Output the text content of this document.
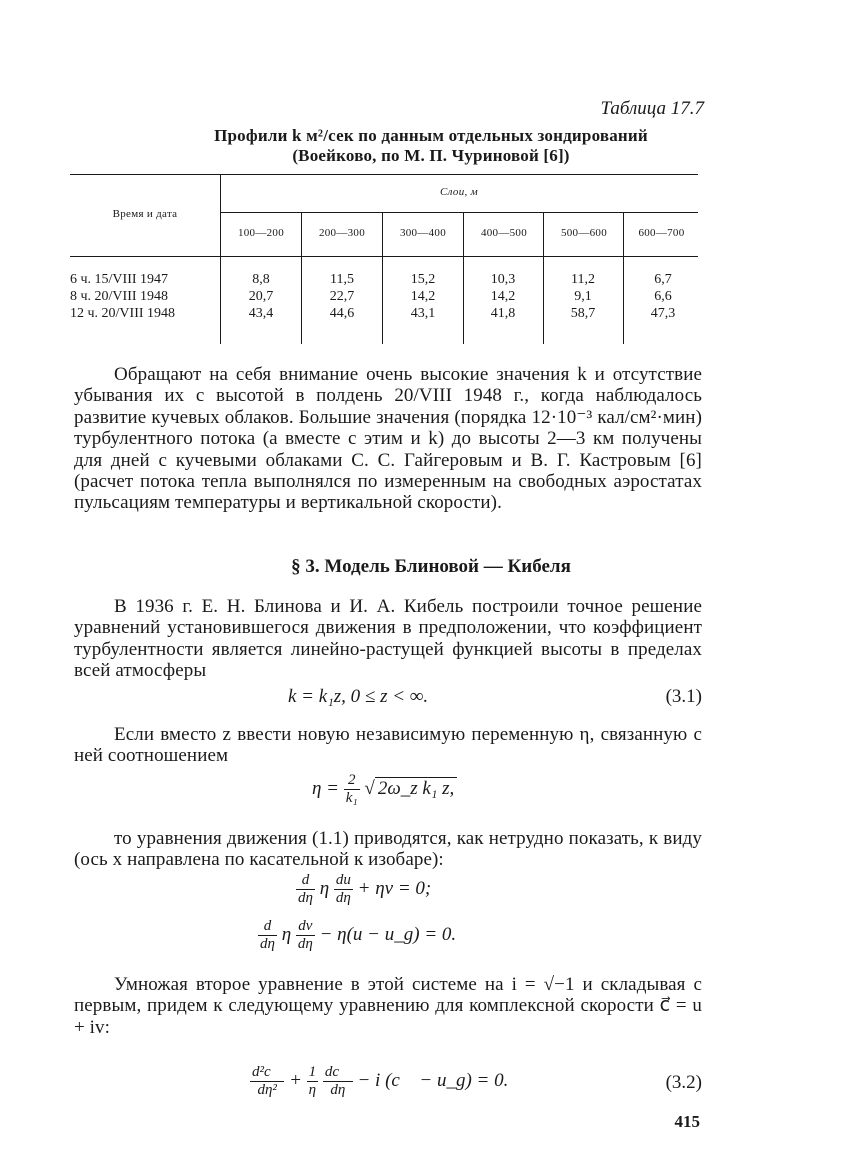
Таблица 17.7
Профили k м²/сек по данным отдельных зондирований
(Воейково, по М. П. Чуриновой [6])
Время и дата
Слои, м
100—200	200—300	300—400	400—500	500—600	600—700
6 ч. 15/VIII 1947	8,8	11,5	15,2	10,3	11,2	6,7
8 ч. 20/VIII 1948	20,7	22,7	14,2	14,2	9,1	6,6
12 ч. 20/VIII 1948	43,4	44,6	43,1	41,8	58,7	47,3
Обращают на себя внимание очень высокие значения k и отсутствие убывания их с высотой в полдень 20/VIII 1948 г., когда наблюдалось развитие кучевых облаков. Большие значения (порядка 12·10⁻³ кал/см²·мин) турбулентного потока (а вместе с этим и k) до высоты 2—3 км получены для дней с кучевыми облаками С. С. Гайгеровым и В. Г. Кастровым [6] (расчет потока тепла выполнялся по измеренным на свободных аэростатах пульсациям температуры и вертикальной скорости).
§ 3. Модель Блиновой — Кибеля
В 1936 г. Е. Н. Блинова и И. А. Кибель построили точное решение уравнений установившегося движения в предположении, что коэффициент турбулентности является линейно-растущей функцией высоты в пределах всей атмосферы
k = k₁z, 0 ≤ z < ∞.	(3.1)
Если вместо z ввести новую независимую переменную η, связанную с ней соотношением
$\eta = \frac{2}{\text{k₁}}$ √ 2ω_z k₁ z,
то уравнения движения (1.1) приводятся, как нетрудно показать, к виду (ось x направлена по касательной к изобаре):
$\frac{d}{d\eta}$ η $\frac{du}{d\eta} + \eta v = 0$;
$\frac{d}{d\eta}$ η $\frac{dv}{d\eta} - \eta(u$ − u_g) = 0.
Умножая второе уравнение в этой системе на i = √−1 и складывая с первым, придем к следующему уравнению для комплексной скорости c⃗ = u + iv:
$\frac{\text{d²c⃗}}{\text{dη²}} + \frac{1}{\eta}$
$\frac{dc⃗}{d\eta} - i$ (c⃗ − u_g) = 0.	(3.2)
415
